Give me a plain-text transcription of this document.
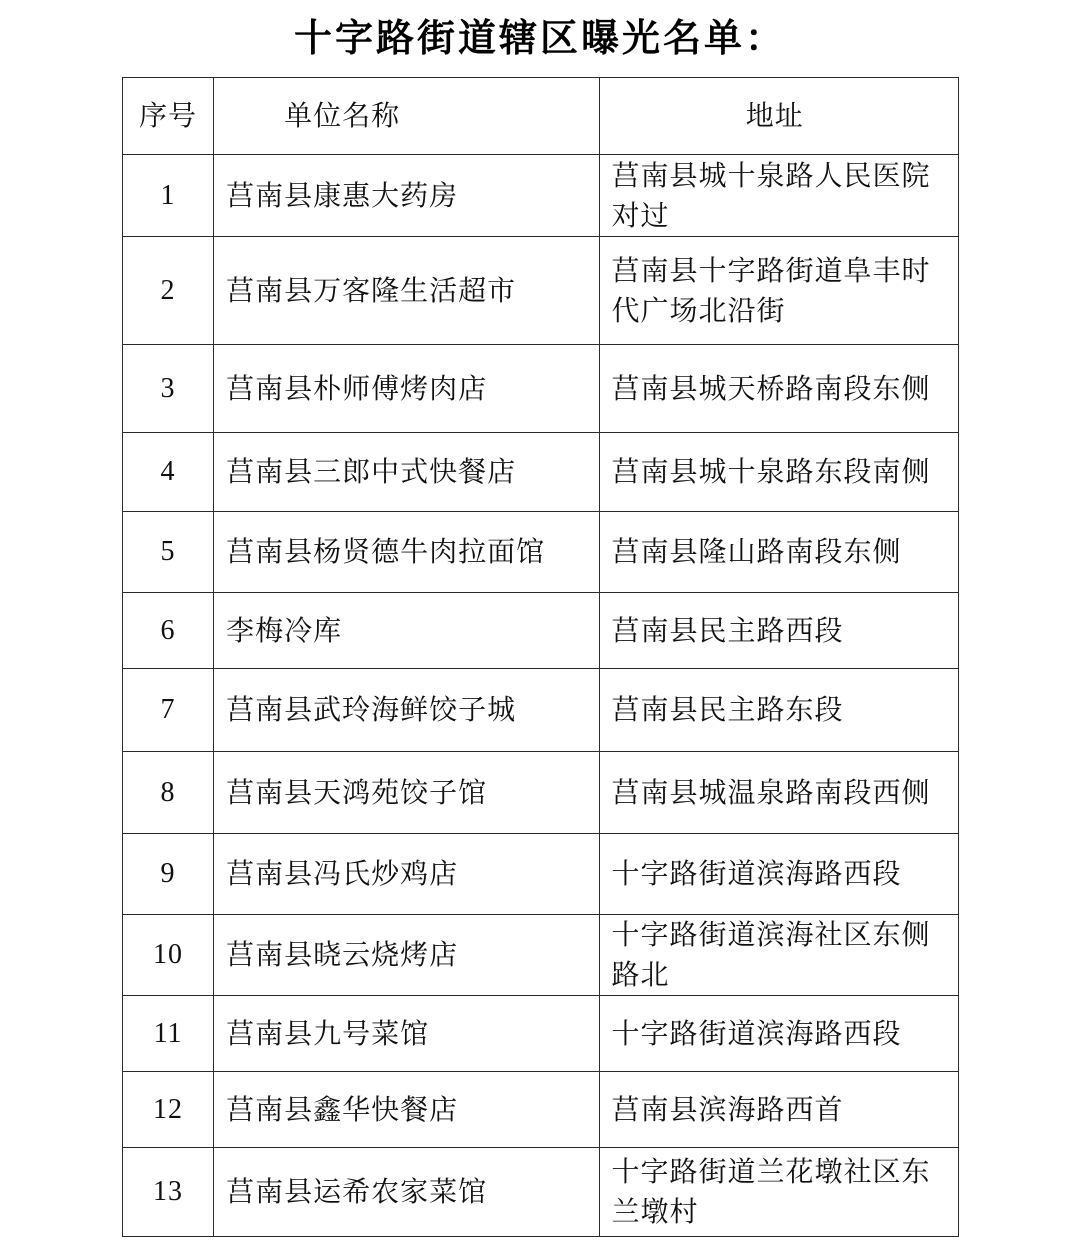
十字路街道辖区曝光名单：
序号	单位名称	地址
1	莒南县康惠大药房	莒南县城十泉路人民医院对过
2	莒南县万客隆生活超市	莒南县十字路街道阜丰时代广场北沿街
3	莒南县朴师傅烤肉店	莒南县城天桥路南段东侧
4	莒南县三郎中式快餐店	莒南县城十泉路东段南侧
5	莒南县杨贤德牛肉拉面馆	莒南县隆山路南段东侧
6	李梅冷库	莒南县民主路西段
7	莒南县武玲海鲜饺子城	莒南县民主路东段
8	莒南县天鸿苑饺子馆	莒南县城温泉路南段西侧
9	莒南县冯氏炒鸡店	十字路街道滨海路西段
10	莒南县晓云烧烤店	十字路街道滨海社区东侧路北
11	莒南县九号菜馆	十字路街道滨海路西段
12	莒南县鑫华快餐店	莒南县滨海路西首
13	莒南县运希农家菜馆	十字路街道兰花墩社区东兰墩村
